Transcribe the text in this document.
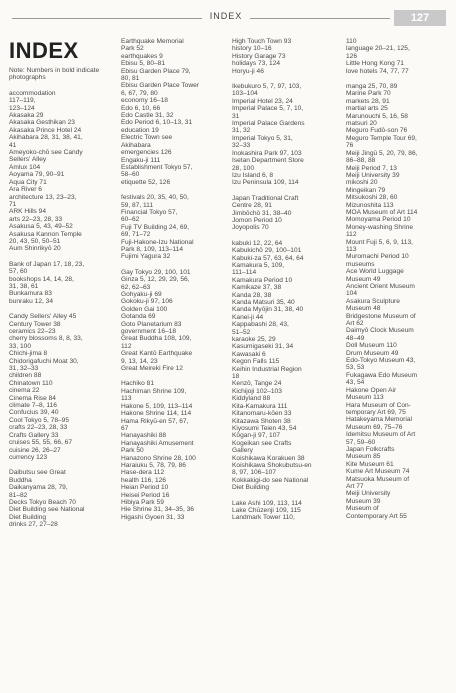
INDEX	127
INDEX
Note: Numbers in bold indicate photographs
accommodation
117–119,
123–124
Akasaka 29
Akasaka Gesthikan 23
Akasaka Prince Hotel 24
Akihabara 28, 31, 38, 41,
41
Ameyoko-chō see Candy
Sellers' Alley
Amlux 104
Aoyama 79, 90–91
Aqua City 71
Ara River 6
architecture 13, 23–23,
71
ARK Hills 94
arts 22–23, 28, 33
Asakusa 5, 43, 49–52
Asakusa Kannon Temple
20, 43, 50, 50–51
Aum Shinrikyō 20
Bank of Japan 17, 18, 23,
57, 60
bookshops 14, 14, 28,
31, 38, 61
Bunkamura 83
bunraku 12, 34
Candy Sellers' Alley 45
Century Tower 38
ceramics 22–23
cherry blossoms 8, 8, 33,
33, 100
Chichi-jima 8
Chidorigafuchi Moat 30,
31, 32–33
children 88
Chinatown 110
cinema 22
Cinema Rise 84
climate 7–8, 116
Confucius 39, 40
Cool Tokyo 5, 78–95
crafts 22–23, 28, 33
Crafts Gallery 33
cruises 55, 55, 66, 67
cuisine 26, 26–27
currency 123
Daibutsu see Great
Buddha
Daikanyama 28, 79,
81–82
Decks Tokyo Beach 70
Diet Building see National
Diet Building
drinks 27, 27–28
Earthquake Memorial
Park 52
earthquakes 9
Ebisu 5, 80–81
Ebisu Garden Place 79,
80, 81
Ebisu Garden Place Tower
6, 67, 79, 80
economy 16–18
Edo 6, 10, 66
Edo Castle 31, 32
Edo Period 6, 10–13, 31
education 19
Electric Town see
Akihabara
emergencies 126
Engaku-ji 111
Establishment Tokyo 57,
58–60
etiquette 52, 126
festivals 20, 35, 40, 50,
59, 87, 111
Financial Tokyo 57,
60–62
Fuji TV Building 24, 69,
69, 71–72
Fuji-Hakone-Izu National
Park 8, 109, 113–114
Fujimi Yagura 32
Gay Tokyo 29, 100, 101
Ginza 5, 12, 29, 29, 56,
62, 62–63
Gohyaku-ji 69
Gokoku-ji 97, 106
Golden Gai 100
Gotanda 69
Goto Planetarium 83
government 16–18
Great Buddha 108, 109,
112
Great Kantō Earthquake
9, 13, 14, 23
Great Meireki Fire 12
Hachiko 81
Hachiman Shrine 109,
113
Hakone 5, 109, 113–114
Hakone Shrine 114, 114
Hama Rikyū-en 57, 67,
67
Hanayashiki 88
Hanayashiki Amusement
Park 50
Hanazono Shrine 28, 100
Haraiuku 5, 78, 79, 86
Hase-dera 112
health 116, 126
Heian Period 10
Heisei Period 16
Hibiya Park 59
Hie Shrine 31, 34–35, 36
Higashi Gyoen 31, 33
High Touch Town 93
history 10–16
History Garage 73
holidays 73, 124
Horyu-ji 46
Ikebukuro 5, 7, 97, 103,
103–104
Imperial Hotel 23, 24
Imperial Palace 5, 7, 10,
31
Imperial Palace Gardens
31, 32
Imperial Tokyo 5, 31,
32–33
Inokashira Park 97, 103
Isetan Department Store
28, 100
Izu Island 6, 8
Izu Peninsula 109, 114
Japan Traditional Craft
Centre 28, 91
Jimbōchō 31, 38–40
Jomon Period 10
Joyopolis 70
kabuki 12, 22, 64
Kabukichō 29, 100–101
Kabuki-za 57, 63, 64, 64
Kamakura 5, 109,
111–114
Kamakura Period 10
Kamikaze 37, 38
Kanda 28, 38
Kanda Matsuri 35, 40
Kanda Myōjin 31, 38, 40
Kanei-ji 44
Kappabashi 28, 43,
51–52
karaoke 25, 29
Kasumigaseki 31, 34
Kawasaki 6
Kegon Falls 115
Keihin Industrial Region
18
Kenzō, Tange 24
Kichijoji 102–103
Kiddyland 88
Kita-Kamakura 111
Kitanomaru-kōen 33
Kitazawa Shoten 38
Kiyosumi Teien 43, 54
Kōgan-ji 97, 107
Kogeikan see Crafts
Gallery
Koishikawa Korakuen 38
Koishikawa Shokubutsu-en
8, 97, 106–107
Kokkakigi-do see National
Diet Building
Lake Ashi 109, 113, 114
Lake Chūzenji 109, 115
Landmark Tower 110,
110
language 20–21, 125,
126
Little Hong Kong 71
love hotels 74, 77, 77
manga 25, 70, 89
Marine Park 70
markets 28, 91
martial arts 25
Marunouchi 5, 16, 58
matsuri 20
Meguro Fudō-son 76
Meguro Temple Tour 69,
76
Meiji Jingū 5, 20, 79, 86,
86–88, 88
Meiji Period 7, 13
Meiji University 39
mikoshi 20
Mingeikan 79
Mitsukoshi 28, 60
Mizunoshita 113
MOA Museum of Art 114
Momoyama Period 10
Money-washing Shrine
112
Mount Fuji 5, 6, 9, 113,
113
Muromachi Period 10
museums
Ace World Luggage
Museum 49
Ancient Orient Museum
104
Asakura Sculpture
Museum 48
Bridgestone Museum of
Art 62
Daimyō Clock Museum
48–49
Doll Museum 110
Drum Museum 49
Edo-Tokyo Museum 43,
53, 53
Fukagawa Edo Museum
43, 54
Hakone Open Air
Museum 113
Hara Museum of Con-
temporary Art 69, 75
Hatakeyama Memorial
Museum 69, 75–76
Idemitsu Museum of Art
57, 59–60
Japan Folkcrafts
Museum 85
Kite Museum 61
Kume Art Museum 74
Matsuoka Museum of
Art 77
Meiji University
Museum 39
Museum of
Contemporary Art 55
